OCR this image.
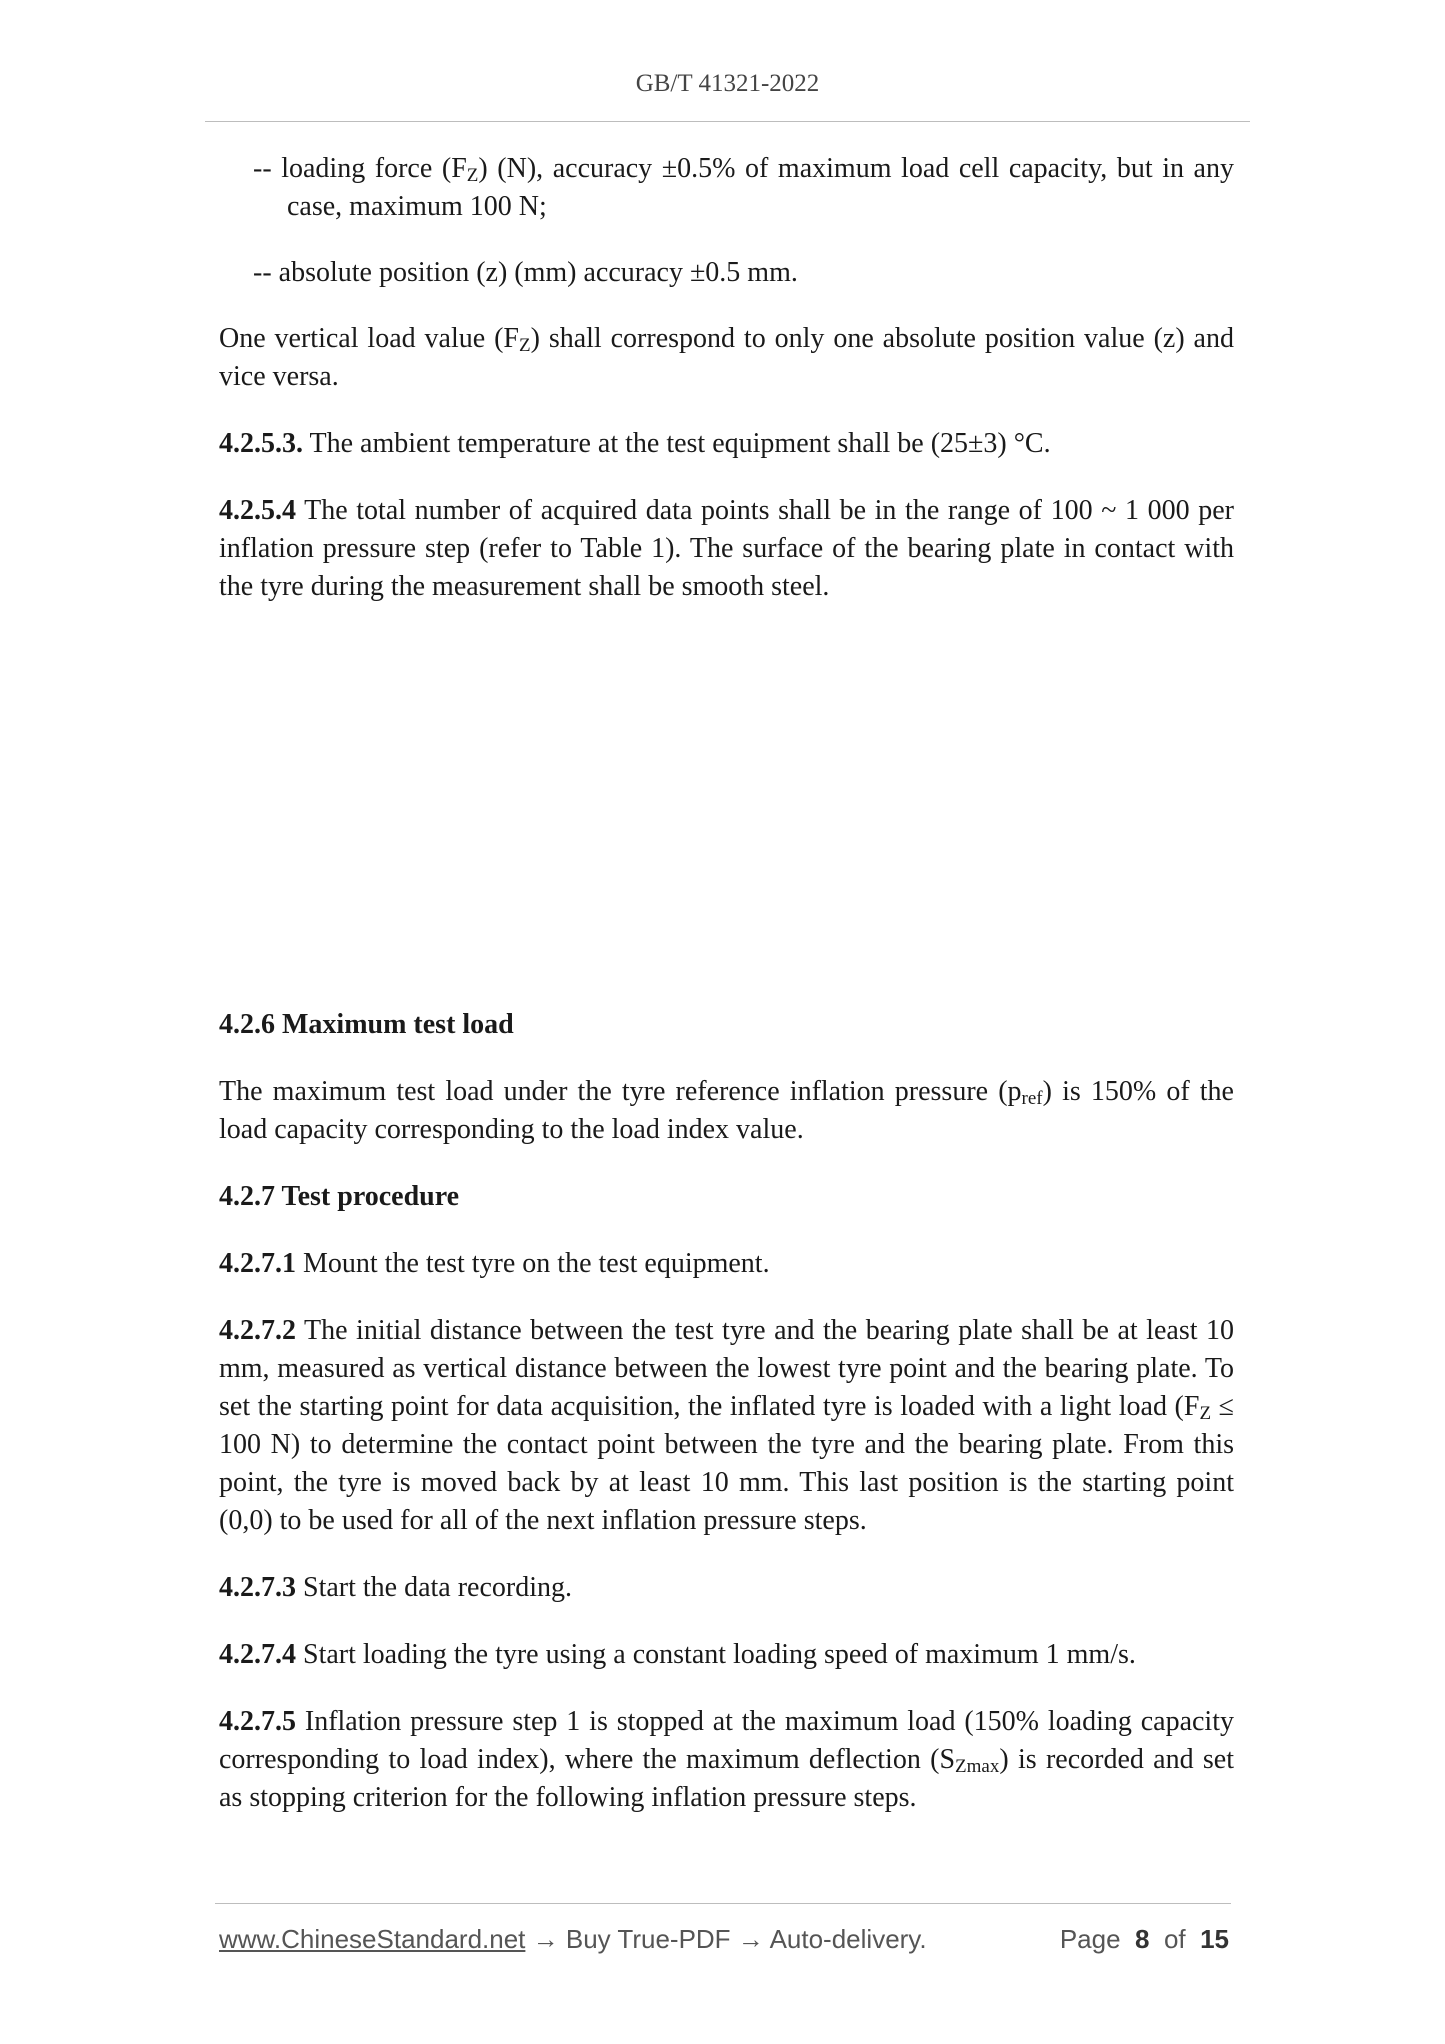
GB/T 41321-2022

-- loading force $(F_Z)$ (N), accuracy ±0.5% of maximum load cell capacity, but in any case, maximum 100 N;

-- absolute position (z) (mm) accuracy ±0.5 mm.

One vertical load value $(F_Z)$ shall correspond to only one absolute position value (z) and vice versa.

4.2.5.3. The ambient temperature at the test equipment shall be (25±3) °C.

4.2.5.4 The total number of acquired data points shall be in the range of 100 ~ 1 000 per inflation pressure step (refer to Table 1). The surface of the bearing plate in contact with the tyre during the measurement shall be smooth steel.

4.2.6 Maximum test load

The maximum test load under the tyre reference inflation pressure $(p_{ref})$ is 150% of the load capacity corresponding to the load index value.

4.2.7 Test procedure

4.2.7.1 Mount the test tyre on the test equipment.

4.2.7.2 The initial distance between the test tyre and the bearing plate shall be at least 10 mm, measured as vertical distance between the lowest tyre point and the bearing plate. To set the starting point for data acquisition, the inflated tyre is loaded with a light load ($F_Z \le 100$ N) to determine the contact point between the tyre and the bearing plate. From this point, the tyre is moved back by at least 10 mm. This last position is the starting point (0,0) to be used for all of the next inflation pressure steps.

4.2.7.3 Start the data recording.

4.2.7.4 Start loading the tyre using a constant loading speed of maximum 1 mm/s.

4.2.7.5 Inflation pressure step 1 is stopped at the maximum load (150% loading capacity corresponding to load index), where the maximum deflection $(S_{Zmax})$ is recorded and set as stopping criterion for the following inflation pressure steps.

www.ChineseStandard.net → Buy True-PDF → Auto-delivery.	Page 8 of 15
